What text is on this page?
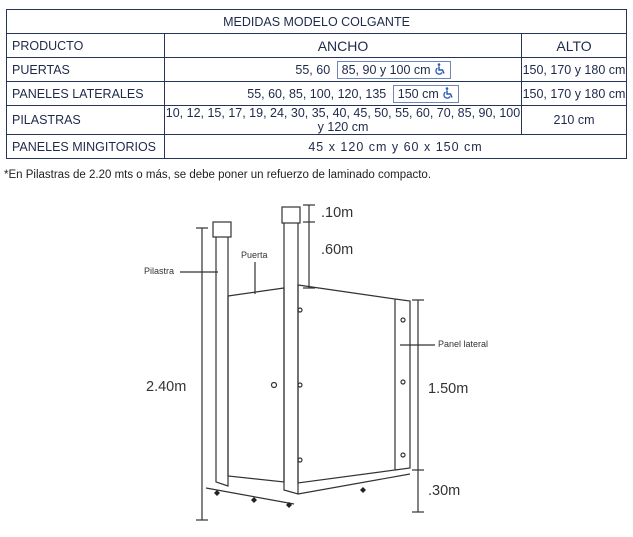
MEDIDAS MODELO COLGANTE		
PRODUCTO	ANCHO	ALTO
PUERTAS	55, 60 85, 90 y 100 cm	150, 170 y 180 cm
PANELES LATERALES	55, 60, 85, 100, 120, 135 150 cm	150, 170 y 180 cm
PILASTRAS	10, 12, 15, 17, 19, 24, 30, 35, 40, 45, 50, 55, 60, 70, 85, 90, 100 y 120 cm	210 cm
PANELES MINGITORIOS	45 x 120 cm y 60 x 150 cm	
*En Pilastras de 2.20 mts o más, se debe poner un refuerzo de laminado compacto.
.10m
.60m
2.40m	1.50m
.30m
Pilastra
Puerta
Panel lateral
